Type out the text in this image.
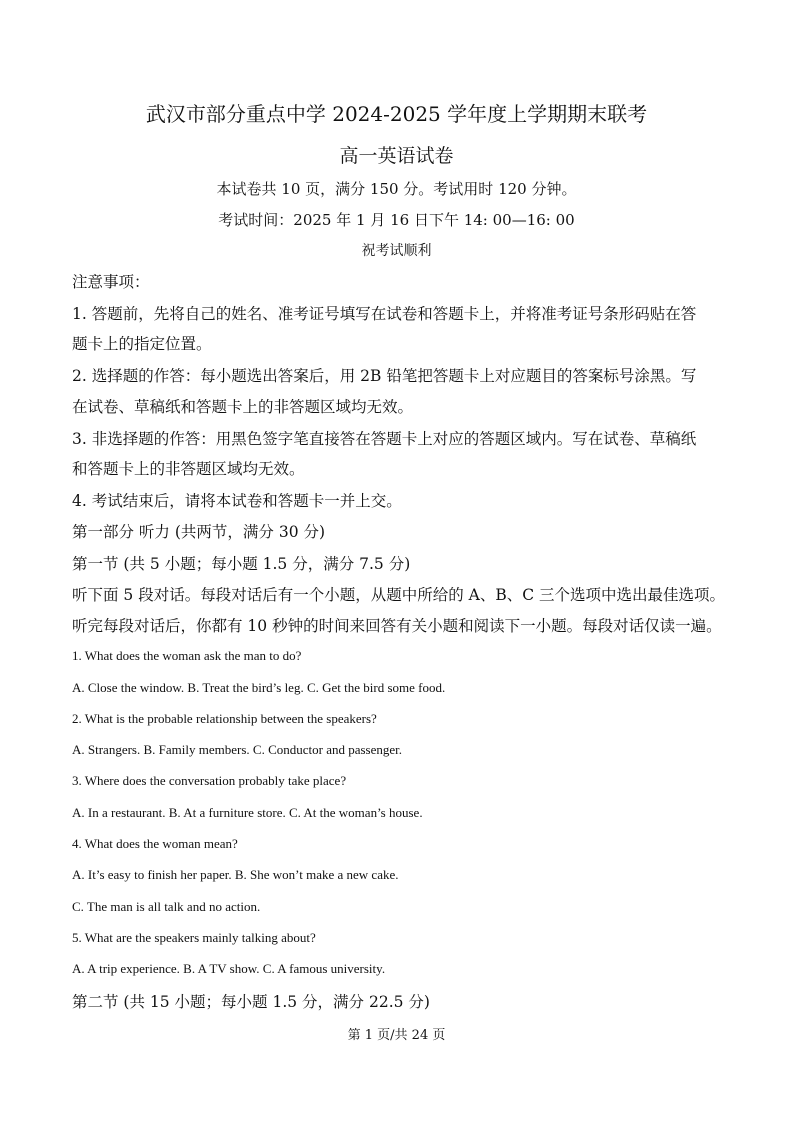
武汉市部分重点中学 2024-2025 学年度上学期期末联考
高一英语试卷
本试卷共 10 页，满分 150 分。考试用时 120 分钟。
考试时间：2025 年 1 月 16 日下午 14: 00—16: 00
祝考试顺利
注意事项：
1. 答题前，先将自己的姓名、准考证号填写在试卷和答题卡上，并将准考证号条形码贴在答
题卡上的指定位置。
2. 选择题的作答：每小题选出答案后，用 2B 铅笔把答题卡上对应题目的答案标号涂黑。写
在试卷、草稿纸和答题卡上的非答题区域均无效。
3. 非选择题的作答：用黑色签字笔直接答在答题卡上对应的答题区域内。写在试卷、草稿纸
和答题卡上的非答题区域均无效。
4. 考试结束后，请将本试卷和答题卡一并上交。
第一部分 听力 (共两节，满分 30 分)
第一节 (共 5 小题；每小题 1.5 分，满分 7.5 分)
听下面 5 段对话。每段对话后有一个小题，从题中所给的 A、B、C 三个选项中选出最佳选项。
听完每段对话后，你都有 10 秒钟的时间来回答有关小题和阅读下一小题。每段对话仅读一遍。
1. What does the woman ask the man to do?
A. Close the window. B. Treat the bird’s leg. C. Get the bird some food.
2. What is the probable relationship between the speakers?
A. Strangers. B. Family members. C. Conductor and passenger.
3. Where does the conversation probably take place?
A. In a restaurant. B. At a furniture store. C. At the woman’s house.
4. What does the woman mean?
A. It’s easy to finish her paper. B. She won’t make a new cake.
C. The man is all talk and no action.
5. What are the speakers mainly talking about?
A. A trip experience. B. A TV show. C. A famous university.
第二节 (共 15 小题；每小题 1.5 分，满分 22.5 分)
第 1 页/共 24 页
